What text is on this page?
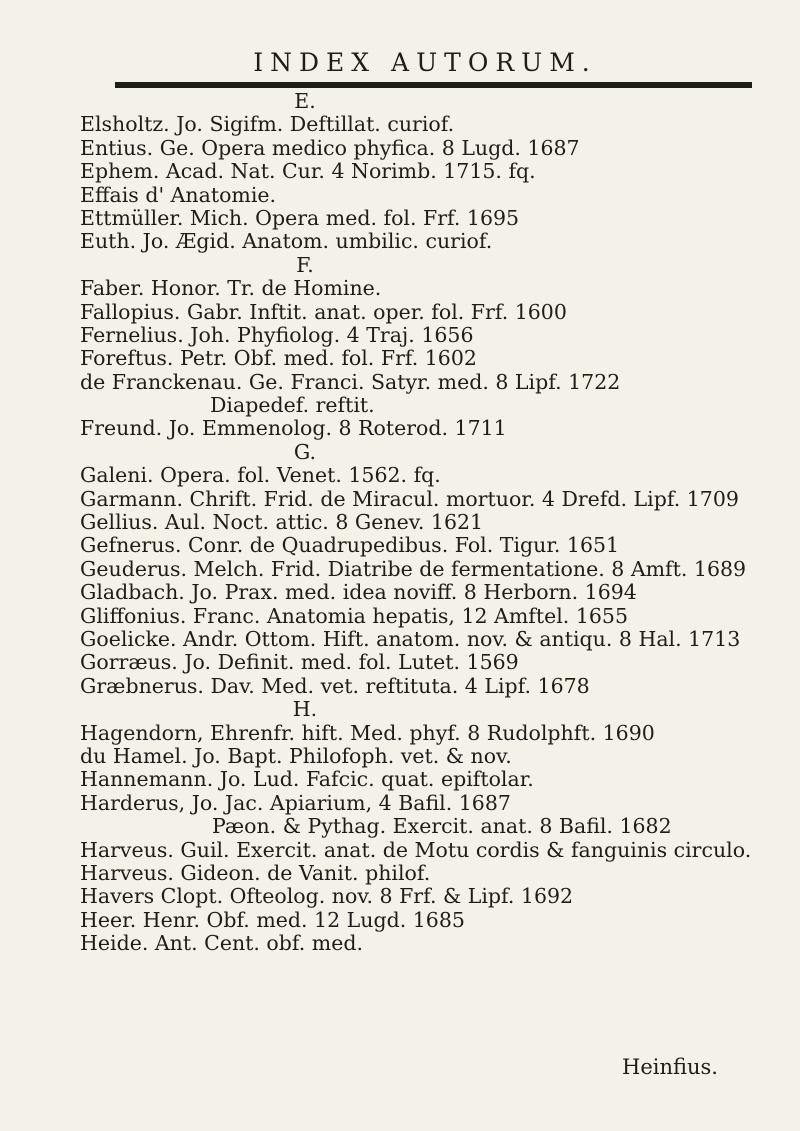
INDEX AUTORUM.
E.
Elsholtz. Jo. Sigifm. Deftillat. curiof.
Entius. Ge. Opera medico phyfica. 8 Lugd. 1687
Ephem. Acad. Nat. Cur. 4 Norimb. 1715. fq.
Effais d' Anatomie.
Ettmüller. Mich. Opera med. fol. Frf. 1695
Euth. Jo. Ægid. Anatom. umbilic. curiof.
F.
Faber. Honor. Tr. de Homine.
Fallopius. Gabr. Inftit. anat. oper. fol. Frf. 1600
Fernelius. Joh. Phyfiolog. 4 Traj. 1656
Foreftus. Petr. Obf. med. fol. Frf. 1602
de Franckenau. Ge. Franci. Satyr. med. 8 Lipf. 1722
Diapedef. reftit.
Freund. Jo. Emmenolog. 8 Roterod. 1711
G.
Galeni. Opera. fol. Venet. 1562. fq.
Garmann. Chrift. Frid. de Miracul. mortuor. 4 Drefd. Lipf. 1709
Gellius. Aul. Noct. attic. 8 Genev. 1621
Gefnerus. Conr. de Quadrupedibus. Fol. Tigur. 1651
Geuderus. Melch. Frid. Diatribe de fermentatione. 8 Amft. 1689
Gladbach. Jo. Prax. med. idea noviff. 8 Herborn. 1694
Gliffonius. Franc. Anatomia hepatis, 12 Amftel. 1655
Goelicke. Andr. Ottom. Hift. anatom. nov. & antiqu. 8 Hal. 1713
Gorræus. Jo. Definit. med. fol. Lutet. 1569
Græbnerus. Dav. Med. vet. reftituta. 4 Lipf. 1678
H.
Hagendorn, Ehrenfr. hift. Med. phyf. 8 Rudolphft. 1690
du Hamel. Jo. Bapt. Philofoph. vet. & nov.
Hannemann. Jo. Lud. Fafcic. quat. epiftolar.
Harderus, Jo. Jac. Apiarium, 4 Bafil. 1687
Pæon. & Pythag. Exercit. anat. 8 Bafil. 1682
Harveus. Guil. Exercit. anat. de Motu cordis & fanguinis circulo.
Harveus. Gideon. de Vanit. philof.
Havers Clopt. Ofteolog. nov. 8 Frf. & Lipf. 1692
Heer. Henr. Obf. med. 12 Lugd. 1685
Heide. Ant. Cent. obf. med.
Heinfius.
